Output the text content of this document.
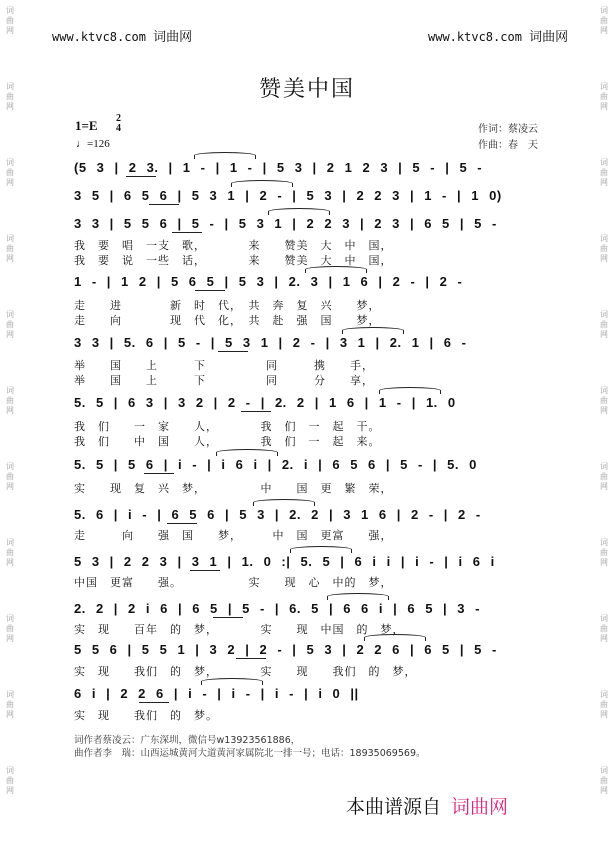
词
曲
网
词
曲
网
词
曲
网
词
曲
网
词
曲
网
词
曲
网
词
曲
网
词
曲
网
词
曲
网
词
曲
网
词
曲
网
词
曲
网
词
曲
网
词
曲
网
词
曲
网
词
曲
网
词
曲
网
词
曲
网
词
曲
网
词
曲
网
词
曲
网
词
曲
网
www.ktvc8.com 词曲网	www.ktvc8.com 词曲网
赞美中国
1=E 2
4
♩=126
作词：蔡凌云
作曲：春　天
(5 3 | 2 3. | 1 - | 1 - | 5 3 | 2 1 2 3 | 5 - | 5 -
3 5 | 6 5 6 | 5 3 1 | 2 - | 5 3 | 2 2 3 | 1 - | 1 0)
3 3 | 5 5 6 | 5 - | 5 3 1 | 2 2 3 | 2 3 | 6 5 | 5 -
1 - | 1 2 | 5 6 5 | 5 3 | 2. 3 | 1 6 | 2 - | 2 -
3 3 | 5. 6 | 5 - | 5 3 1 | 2 - | 3 1 | 2. 1 | 6 -
5. 5 | 6 3 | 3 2 | 2 - | 2. 2 | 1 6 | 1 - | 1. 0
5. 5 | 5 6 | i - | i 6 i | 2. i | 6 5 6 | 5 - | 5. 0
5. 6 | i - | 6 5 6 | 5 3 | 2. 2 | 3 1 6 | 2 - | 2 -
5 3 | 2 2 3 | 3 1 | 1. 0 :| 5. 5 | 6 i i | i - | i 6 i
2. 2 | 2 i 6 | 6 5 | 5 - | 6. 5 | 6 6 i | 6 5 | 3 -
5 5 6 | 5 5 1 | 3 2 | 2 - | 5 3 | 2 2 6 | 6 5 | 5 -
6 i | 2 2 6 | i - | i - | i - | i 0 ||
我　要　唱　一支　歌，　　　　来　　赞美　大　中　国，
我　要　说　一些　话，　　　　来　　赞美　大　中　国，
走　　进　　　　新　时　代，　共　奔　复　兴　　梦，
走　　向　　　　现　代　化，　共　赴　强　国　　梦，
举　　国　　上　　　下　　　　　同　　　携　　手，
举　　国　　上　　　下　　　　　同　　　分　　享，
我　们　　一　家　　人，　　　　我　们　一　起　干。
我　们　　中　国　　人，　　　　我　们　一　起　来。
实　　现　复　兴　梦，　　　　　中　　国　更　繁　荣，
走　　　向　　强　国　　梦，　　　中　国　更富　　强，
中国　更富　　强。　　　　　　实　　现　心　中的　梦，
实　现　　百年　的　梦，　　　　实　　现　中国　的　梦，
实　现　　我们　的　梦，　　　　实　　现　　我们　的　梦，
实　现　　我们　的　梦。
词作者蔡凌云：广东深圳，微信号w13923561886，
曲作者李　瑞：山西运城黄河大道黄河家属院北一排一号；电话：18935069569。
本曲谱源自 词曲网
